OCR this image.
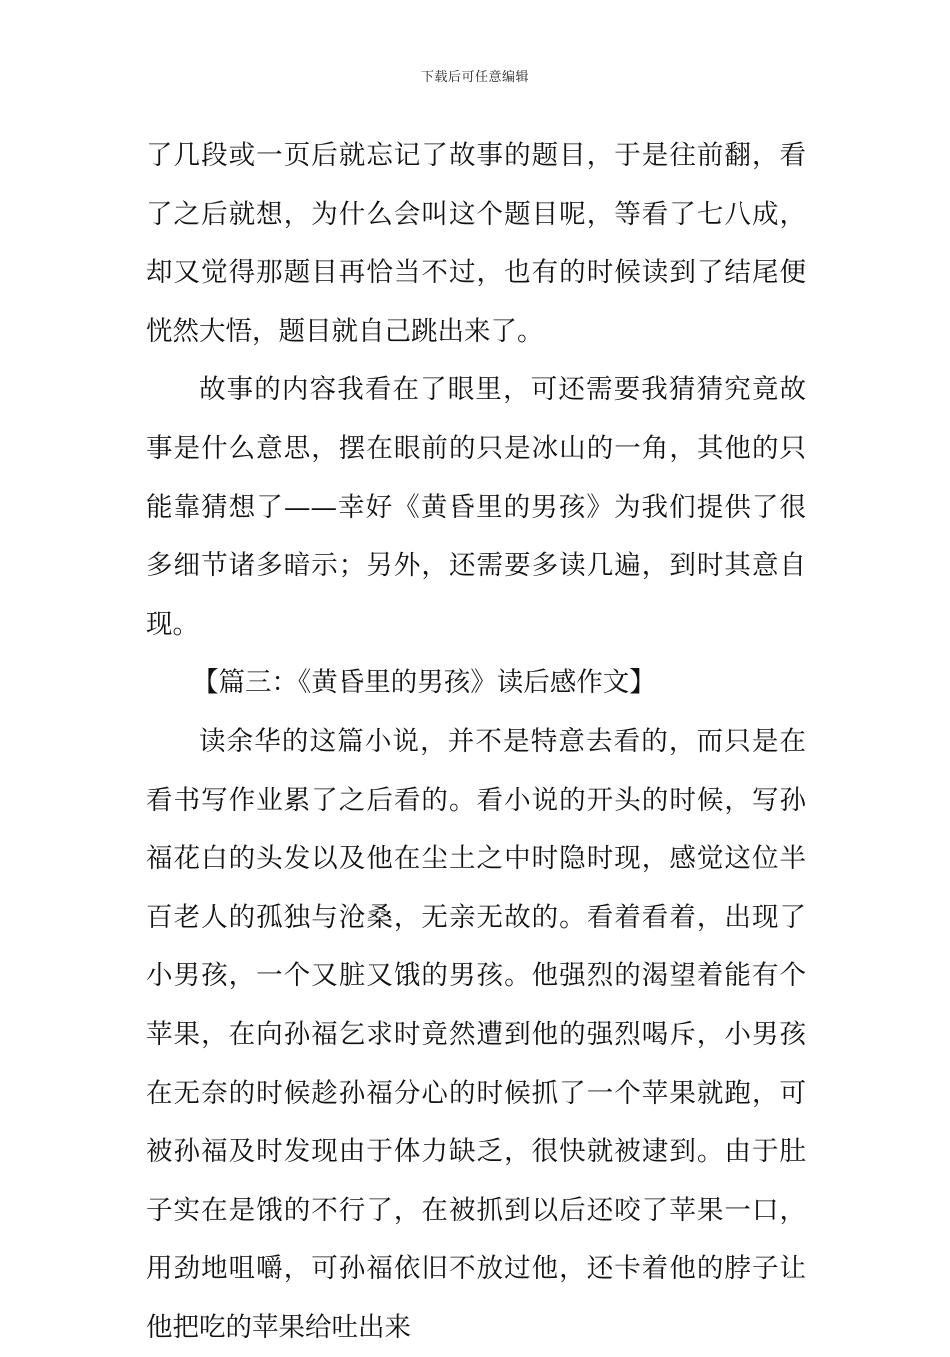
下载后可任意编辑

了几段或一页后就忘记了故事的题目，于是往前翻，看了之后就想，为什么会叫这个题目呢，等看了七八成，却又觉得那题目再恰当不过，也有的时候读到了结尾便恍然大悟，题目就自己跳出来了。

故事的内容我看在了眼里，可还需要我猜猜究竟故事是什么意思，摆在眼前的只是冰山的一角，其他的只能靠猜想了——幸好《黄昏里的男孩》为我们提供了很多细节诸多暗示；另外，还需要多读几遍，到时其意自现。

【篇三：《黄昏里的男孩》读后感作文】

读余华的这篇小说，并不是特意去看的，而只是在看书写作业累了之后看的。看小说的开头的时候，写孙福花白的头发以及他在尘土之中时隐时现，感觉这位半百老人的孤独与沧桑，无亲无故的。看着看着，出现了小男孩，一个又脏又饿的男孩。他强烈的渴望着能有个苹果，在向孙福乞求时竟然遭到他的强烈喝斥，小男孩在无奈的时候趁孙福分心的时候抓了一个苹果就跑，可被孙福及时发现由于体力缺乏，很快就被逮到。由于肚子实在是饿的不行了，在被抓到以后还咬了苹果一口，用劲地咀嚼，可孙福依旧不放过他，还卡着他的脖子让他把吃的苹果给吐出来
